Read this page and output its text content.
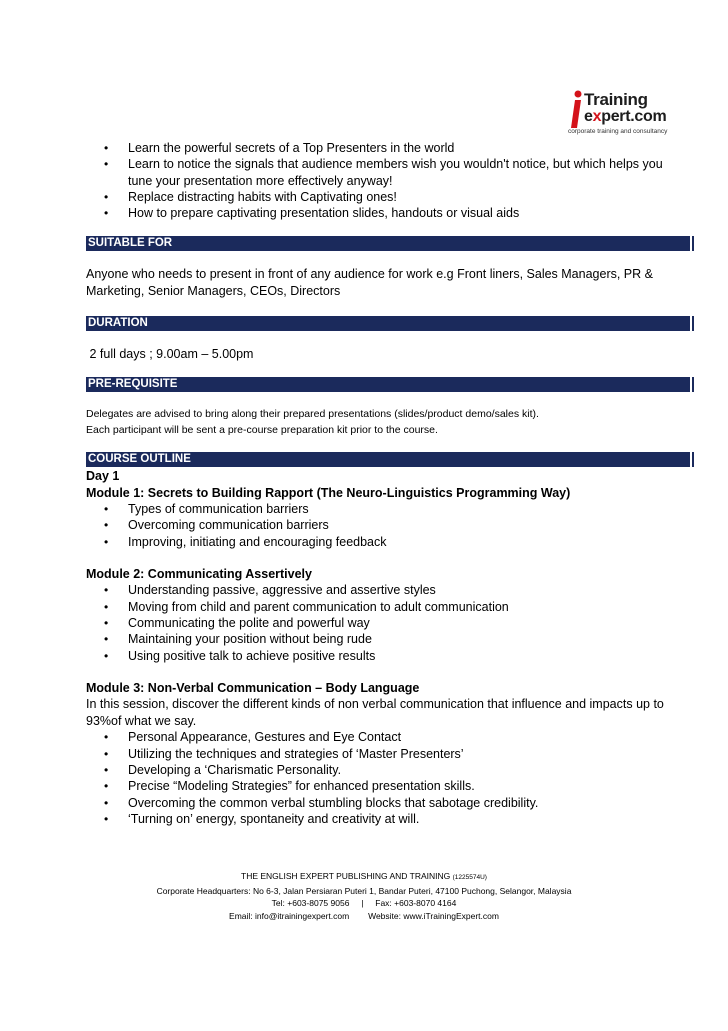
Training
expert.com
corporate training and consultancy
• Learn the powerful secrets of a Top Presenters in the world
• Learn to notice the signals that audience members wish you wouldn't notice, but which helps you tune your presentation more effectively anyway!
• Replace distracting habits with Captivating ones!
• How to prepare captivating presentation slides, handouts or visual aids
SUITABLE FOR
Anyone who needs to present in front of any audience for work e.g Front liners, Sales Managers, PR & Marketing, Senior Managers, CEOs, Directors
DURATION
2 full days ; 9.00am – 5.00pm
PRE-REQUISITE
Delegates are advised to bring along their prepared presentations (slides/product demo/sales kit).
Each participant will be sent a pre-course preparation kit prior to the course.
COURSE OUTLINE
Day 1
Module 1: Secrets to Building Rapport (The Neuro-Linguistics Programming Way)
• Types of communication barriers
• Overcoming communication barriers
• Improving, initiating and encouraging feedback
Module 2: Communicating Assertively
• Understanding passive, aggressive and assertive styles
• Moving from child and parent communication to adult communication
• Communicating the polite and powerful way
• Maintaining your position without being rude
• Using positive talk to achieve positive results
Module 3: Non-Verbal Communication – Body Language
In this session, discover the different kinds of non verbal communication that influence and impacts up to 93%of what we say.
• Personal Appearance, Gestures and Eye Contact
• Utilizing the techniques and strategies of ‘Master Presenters’
• Developing a ‘Charismatic Personality.
• Precise “Modeling Strategies” for enhanced presentation skills.
• Overcoming the common verbal stumbling blocks that sabotage credibility.
• ‘Turning on’ energy, spontaneity and creativity at will.
THE ENGLISH EXPERT PUBLISHING AND TRAINING (1225574U)
Corporate Headquarters: No 6-3, Jalan Persiaran Puteri 1, Bandar Puteri, 47100 Puchong, Selangor, Malaysia
Tel: +603-8075 9056 | Fax: +603-8070 4164
Email: info@itrainingexpert.com Website: www.iTrainingExpert.com
